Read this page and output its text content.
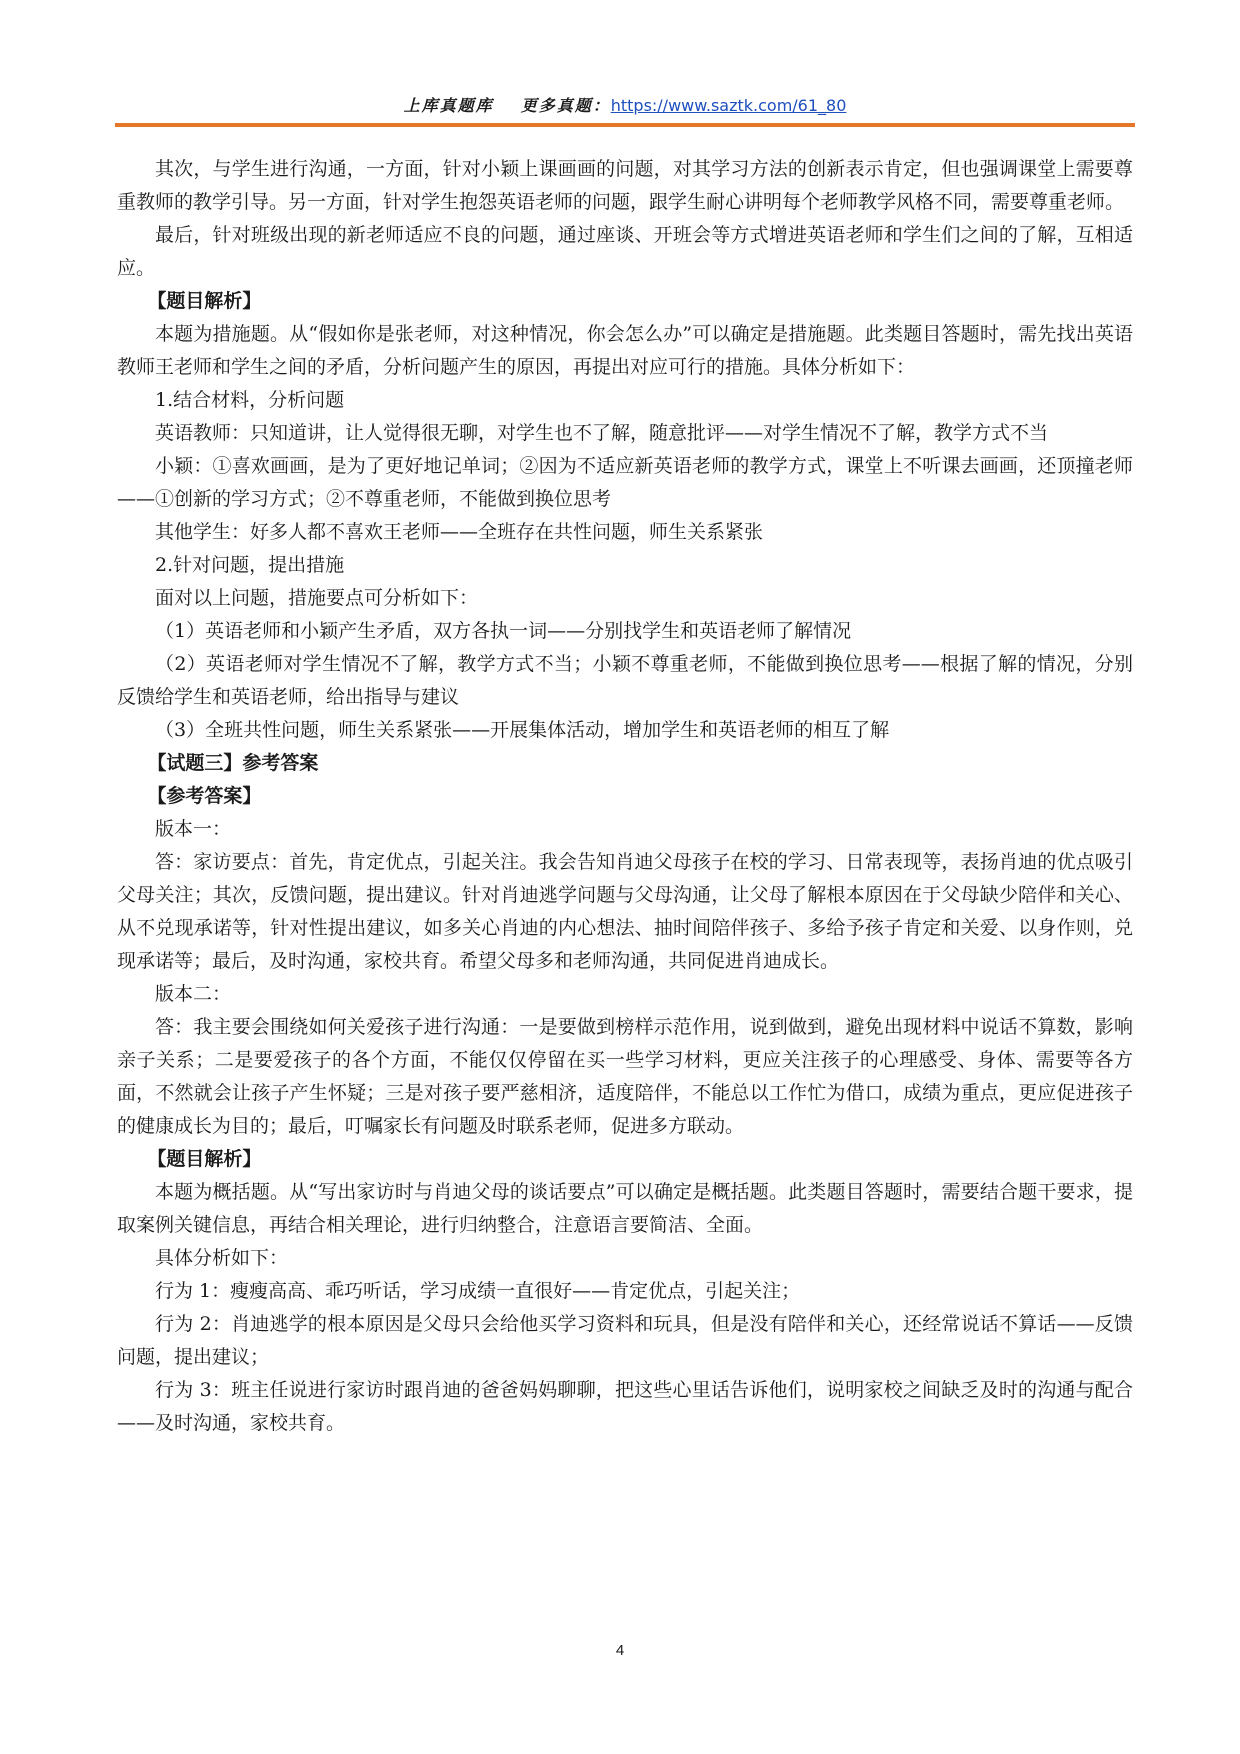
上库真题库 更多真题：https://www.saztk.com/61_80

其次，与学生进行沟通，一方面，针对小颖上课画画的问题，对其学习方法的创新表示肯定，但也强调课堂上需要尊重教师的教学引导。另一方面，针对学生抱怨英语老师的问题，跟学生耐心讲明每个老师教学风格不同，需要尊重老师。

最后，针对班级出现的新老师适应不良的问题，通过座谈、开班会等方式增进英语老师和学生们之间的了解，互相适应。

【题目解析】

本题为措施题。从“假如你是张老师，对这种情况，你会怎么办”可以确定是措施题。此类题目答题时，需先找出英语教师王老师和学生之间的矛盾，分析问题产生的原因，再提出对应可行的措施。具体分析如下：

1.结合材料，分析问题

英语教师：只知道讲，让人觉得很无聊，对学生也不了解，随意批评——对学生情况不了解，教学方式不当

小颖：①喜欢画画，是为了更好地记单词；②因为不适应新英语老师的教学方式，课堂上不听课去画画，还顶撞老师——①创新的学习方式；②不尊重老师，不能做到换位思考

其他学生：好多人都不喜欢王老师——全班存在共性问题，师生关系紧张

2.针对问题，提出措施

面对以上问题，措施要点可分析如下：

（1）英语老师和小颖产生矛盾，双方各执一词——分别找学生和英语老师了解情况

（2）英语老师对学生情况不了解，教学方式不当；小颖不尊重老师，不能做到换位思考——根据了解的情况，分别反馈给学生和英语老师，给出指导与建议

（3）全班共性问题，师生关系紧张——开展集体活动，增加学生和英语老师的相互了解

【试题三】参考答案

【参考答案】

版本一：

答：家访要点：首先，肯定优点，引起关注。我会告知肖迪父母孩子在校的学习、日常表现等，表扬肖迪的优点吸引父母关注；其次，反馈问题，提出建议。针对肖迪逃学问题与父母沟通，让父母了解根本原因在于父母缺少陪伴和关心、从不兑现承诺等，针对性提出建议，如多关心肖迪的内心想法、抽时间陪伴孩子、多给予孩子肯定和关爱、以身作则，兑现承诺等；最后，及时沟通，家校共育。希望父母多和老师沟通，共同促进肖迪成长。

版本二：

答：我主要会围绕如何关爱孩子进行沟通：一是要做到榜样示范作用，说到做到，避免出现材料中说话不算数，影响亲子关系；二是要爱孩子的各个方面，不能仅仅停留在买一些学习材料，更应关注孩子的心理感受、身体、需要等各方面，不然就会让孩子产生怀疑；三是对孩子要严慈相济，适度陪伴，不能总以工作忙为借口，成绩为重点，更应促进孩子的健康成长为目的；最后，叮嘱家长有问题及时联系老师，促进多方联动。

【题目解析】

本题为概括题。从“写出家访时与肖迪父母的谈话要点”可以确定是概括题。此类题目答题时，需要结合题干要求，提取案例关键信息，再结合相关理论，进行归纳整合，注意语言要简洁、全面。

具体分析如下：

行为 1：瘦瘦高高、乖巧听话，学习成绩一直很好——肯定优点，引起关注；

行为 2：肖迪逃学的根本原因是父母只会给他买学习资料和玩具，但是没有陪伴和关心，还经常说话不算话——反馈问题，提出建议；

行为 3：班主任说进行家访时跟肖迪的爸爸妈妈聊聊，把这些心里话告诉他们，说明家校之间缺乏及时的沟通与配合——及时沟通，家校共育。

4
